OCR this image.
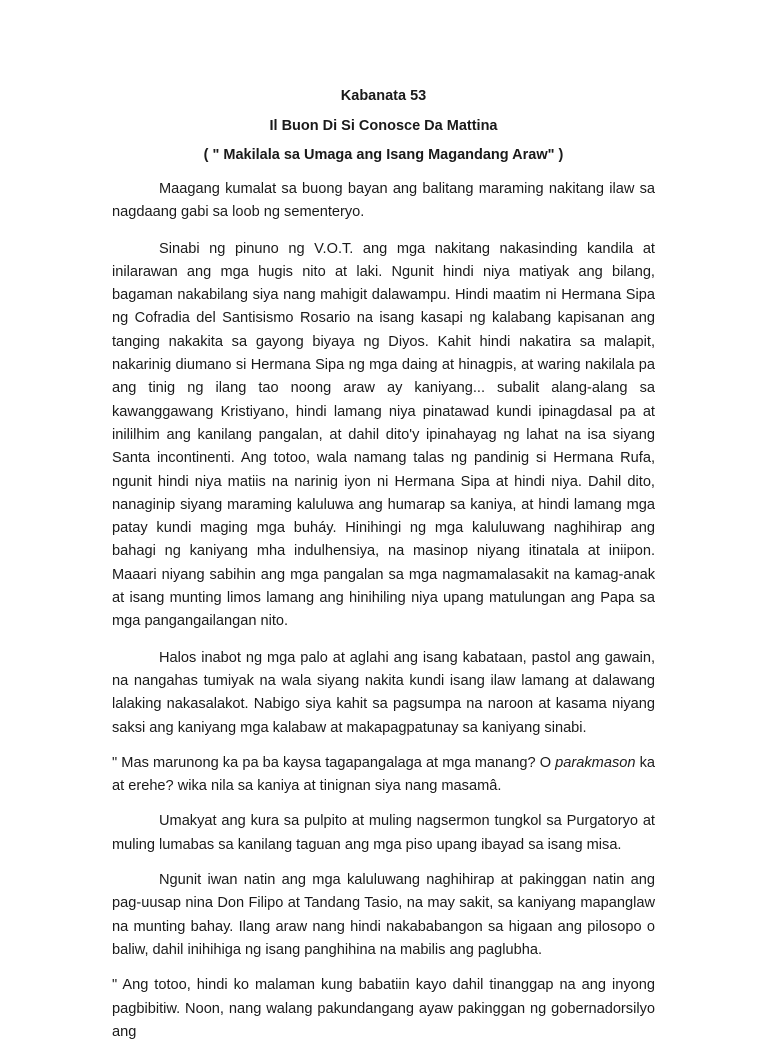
Kabanata 53
Il Buon Di Si Conosce Da Mattina
( " Makilala sa Umaga ang Isang Magandang Araw" )

Maagang kumalat sa buong bayan ang balitang maraming nakitang ilaw sa nagdaang gabi sa loob ng sementeryo.

Sinabi ng pinuno ng V.O.T. ang mga nakitang nakasinding kandila at inilarawan ang mga hugis nito at laki. Ngunit hindi niya matiyak ang bilang, bagaman nakabilang siya nang mahigit dalawampu. Hindi maatim ni Hermana Sipa ng Cofradia del Santisismo Rosario na isang kasapi ng kalabang kapisanan ang tanging nakakita sa gayong biyaya ng Diyos. Kahit hindi nakatira sa malapit, nakarinig diumano si Hermana Sipa ng mga daing at hinagpis, at waring nakilala pa ang tinig ng ilang tao noong araw ay kaniyang... subalit alang-alang sa kawanggawang Kristiyano, hindi lamang niya pinatawad kundi ipinagdasal pa at inililhim ang kanilang pangalan, at dahil dito'y ipinahayag ng lahat na isa siyang Santa incontinenti. Ang totoo, wala namang talas ng pandinig si Hermana Rufa, ngunit hindi niya matiis na narinig iyon ni Hermana Sipa at hindi niya. Dahil dito, nanaginip siyang maraming kaluluwa ang humarap sa kaniya, at hindi lamang mga patay kundi maging mga buháy. Hinihingi ng mga kaluluwang naghihirap ang bahagi ng kaniyang mha indulhensiya, na masinop niyang itinatala at iniipon. Maaari niyang sabihin ang mga pangalan sa mga nagmamalasakit na kamag-anak at isang munting limos lamang ang hinihiling niya upang matulungan ang Papa sa mga pangangailangan nito.

Halos inabot ng mga palo at aglahi ang isang kabataan, pastol ang gawain, na nangahas tumiyak na wala siyang nakita kundi isang ilaw lamang at dalawang lalaking nakasalakot. Nabigo siya kahit sa pagsumpa na naroon at kasama niyang saksi ang kaniyang mga kalabaw at makapagpatunay sa kaniyang sinabi.

" Mas marunong ka pa ba kaysa tagapangalaga at mga manang? O parakmason ka at erehe? wika nila sa kaniya at tinignan siya nang masamâ.

Umakyat ang kura sa pulpito at muling nagsermon tungkol sa Purgatoryo at muling lumabas sa kanilang taguan ang mga piso upang ibayad sa isang misa.

Ngunit iwan natin ang mga kaluluwang naghihirap at pakinggan natin ang pag-uusap nina Don Filipo at Tandang Tasio, na may sakit, sa kaniyang mapanglaw na munting bahay. Ilang araw nang hindi nakababangon sa higaan ang pilosopo o baliw, dahil inihihiga ng isang panghihina na mabilis ang paglubha.

" Ang totoo, hindi ko malaman kung babatiin kayo dahil tinanggap na ang inyong pagbibitiw. Noon, nang walang pakundangang ayaw pakinggan ng gobernadorsilyo ang
